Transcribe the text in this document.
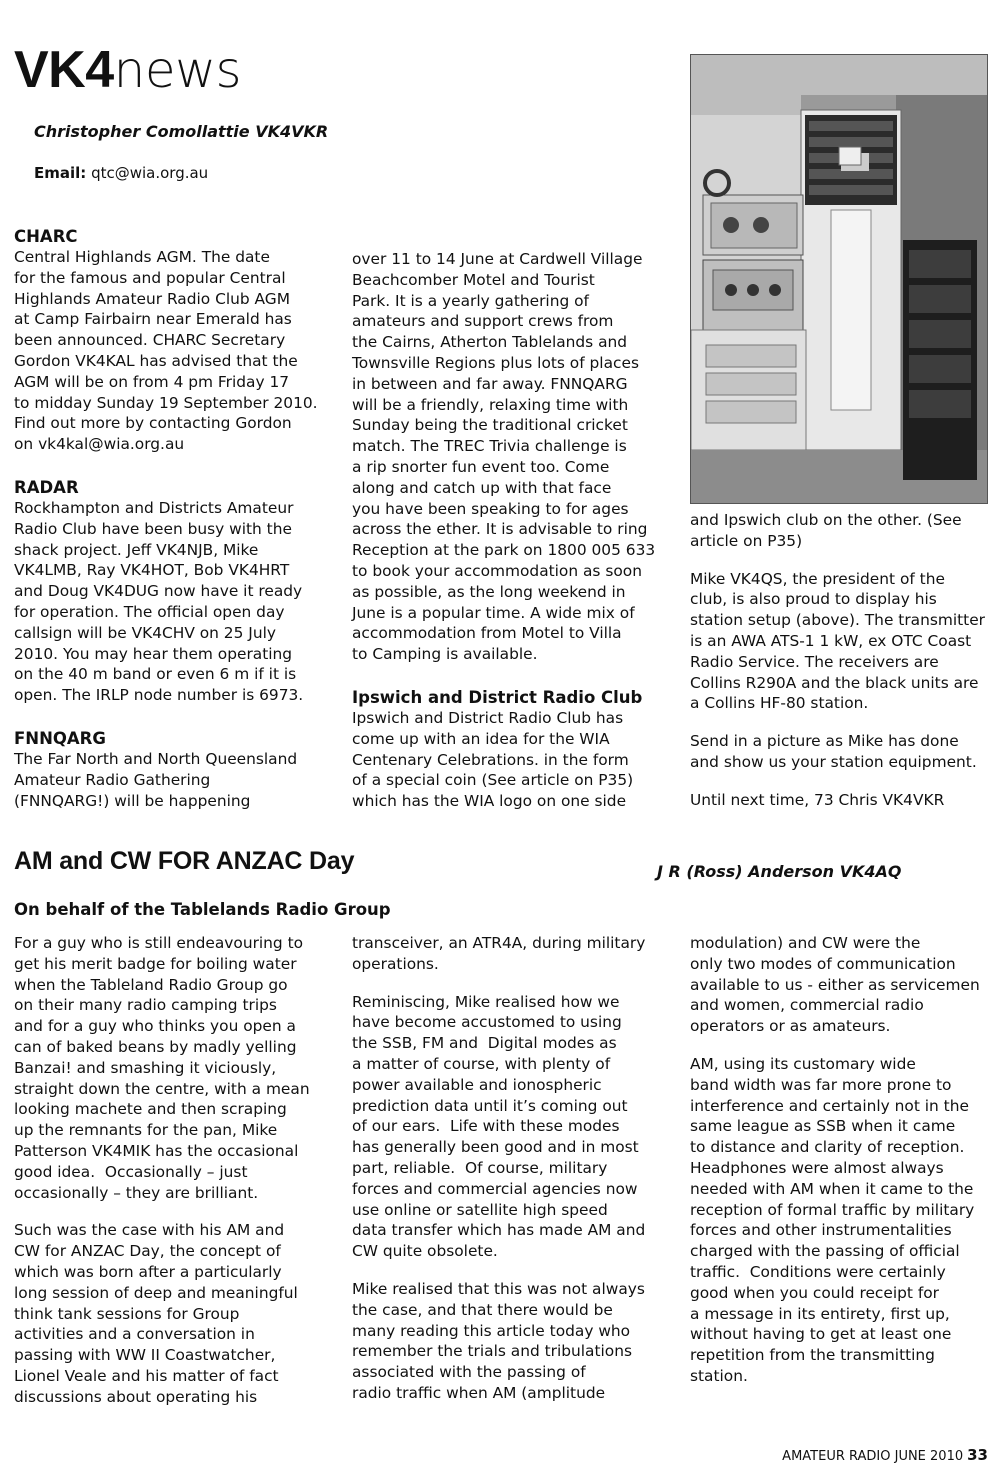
VK4news
Christopher Comollattie VK4VKR
Email: qtc@wia.org.au
CHARC
Central Highlands AGM. The date
for the famous and popular Central
Highlands Amateur Radio Club AGM
at Camp Fairbairn near Emerald has
been announced. CHARC Secretary
Gordon VK4KAL has advised that the
AGM will be on from 4 pm Friday 17
to midday Sunday 19 September 2010.
Find out more by contacting Gordon
on vk4kal@wia.org.au
RADAR
Rockhampton and Districts Amateur
Radio Club have been busy with the
shack project. Jeff VK4NJB, Mike
VK4LMB, Ray VK4HOT, Bob VK4HRT
and Doug VK4DUG now have it ready
for operation. The official open day
callsign will be VK4CHV on 25 July
2010. You may hear them operating
on the 40 m band or even 6 m if it is
open. The IRLP node number is 6973.
FNNQARG
The Far North and North Queensland
Amateur Radio Gathering
(FNNQARG!) will be happening
over 11 to 14 June at Cardwell Village
Beachcomber Motel and Tourist
Park. It is a yearly gathering of
amateurs and support crews from
the Cairns, Atherton Tablelands and
Townsville Regions plus lots of places
in between and far away. FNNQARG
will be a friendly, relaxing time with
Sunday being the traditional cricket
match. The TREC Trivia challenge is
a rip snorter fun event too. Come
along and catch up with that face
you have been speaking to for ages
across the ether. It is advisable to ring
Reception at the park on 1800 005 633
to book your accommodation as soon
as possible, as the long weekend in
June is a popular time. A wide mix of
accommodation from Motel to Villa
to Camping is available.
Ipswich and District Radio Club
Ipswich and District Radio Club has
come up with an idea for the WIA
Centenary Celebrations. in the form
of a special coin (See article on P35)
which has the WIA logo on one side
and Ipswich club on the other. (See
article on P35)
Mike VK4QS, the president of the
club, is also proud to display his
station setup (above). The transmitter
is an AWA ATS-1 1 kW, ex OTC Coast
Radio Service. The receivers are
Collins R290A and the black units are
a Collins HF-80 station.
Send in a picture as Mike has done
and show us your station equipment.

Until next time, 73 Chris VK4VKR

AM and CW FOR ANZAC Day	J R (Ross) Anderson VK4AQ
On behalf of the Tablelands Radio Group
For a guy who is still endeavouring to
get his merit badge for boiling water
when the Tableland Radio Group go
on their many radio camping trips
and for a guy who thinks you open a
can of baked beans by madly yelling
Banzai! and smashing it viciously,
straight down the centre, with a mean
looking machete and then scraping
up the remnants for the pan, Mike
Patterson VK4MIK has the occasional
good idea.  Occasionally – just
occasionally – they are brilliant.
Such was the case with his AM and
CW for ANZAC Day, the concept of
which was born after a particularly
long session of deep and meaningful
think tank sessions for Group
activities and a conversation in
passing with WW II Coastwatcher,
Lionel Veale and his matter of fact
discussions about operating his
transceiver, an ATR4A, during military
operations.
Reminiscing, Mike realised how we
have become accustomed to using
the SSB, FM and  Digital modes as
a matter of course, with plenty of
power available and ionospheric
prediction data until it’s coming out
of our ears.  Life with these modes
has generally been good and in most
part, reliable.  Of course, military
forces and commercial agencies now
use online or satellite high speed
data transfer which has made AM and
CW quite obsolete.
Mike realised that this was not always
the case, and that there would be
many reading this article today who
remember the trials and tribulations
associated with the passing of
radio traffic when AM (amplitude
modulation) and CW were the
only two modes of communication
available to us - either as servicemen
and women, commercial radio
operators or as amateurs.
AM, using its customary wide
band width was far more prone to
interference and certainly not in the
same league as SSB when it came
to distance and clarity of reception.
Headphones were almost always
needed with AM when it came to the
reception of formal traffic by military
forces and other instrumentalities
charged with the passing of official
traffic.  Conditions were certainly
good when you could receipt for
a message in its entirety, first up,
without having to get at least one
repetition from the transmitting
station.
AMATEUR RADIO JUNE 2010 33
